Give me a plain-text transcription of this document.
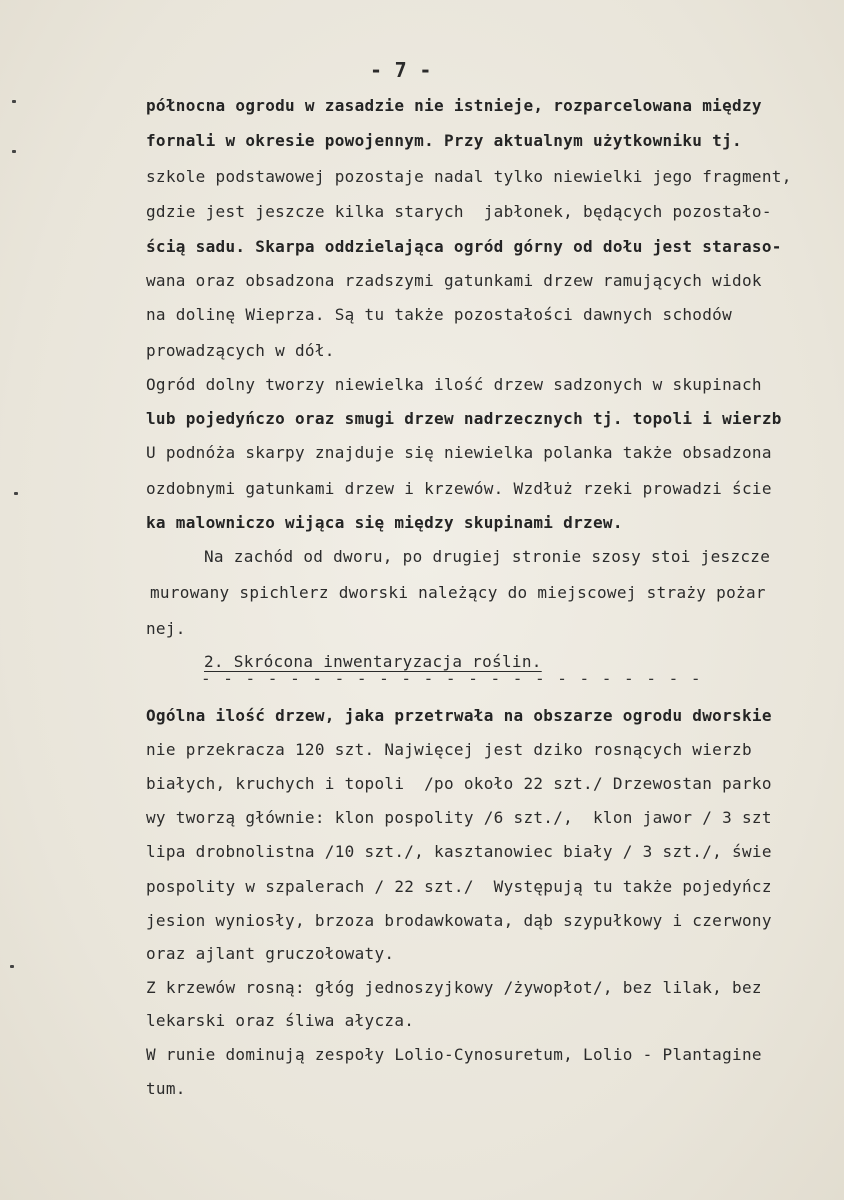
- 7 -
północna ogrodu w zasadzie nie istnieje, rozparcelowana między
fornali w okresie powojennym. Przy aktualnym użytkowniku tj.
szkole podstawowej pozostaje nadal tylko niewielki jego fragment,
gdzie jest jeszcze kilka starych  jabłonek, będących pozostało-
ścią sadu. Skarpa oddzielająca ogród górny od dołu jest staraso-
wana oraz obsadzona rzadszymi gatunkami drzew ramujących widok
na dolinę Wieprza. Są tu także pozostałości dawnych schodów
prowadzących w dół.
Ogród dolny tworzy niewielka ilość drzew sadzonych w skupinach
lub pojedyńczo oraz smugi drzew nadrzecznych tj. topoli i wierzb
U podnóża skarpy znajduje się niewielka polanka także obsadzona
ozdobnymi gatunkami drzew i krzewów. Wzdłuż rzeki prowadzi ście
ka malowniczo wijąca się między skupinami drzew.
Na zachód od dworu, po drugiej stronie szosy stoi jeszcze
murowany spichlerz dworski należący do miejscowej straży pożar
nej.
2. Skrócona inwentaryzacja roślin.
- - - - - - - - - - - - - - - - - - - - - - -
Ogólna ilość drzew, jaka przetrwała na obszarze ogrodu dworskie
nie przekracza 120 szt. Najwięcej jest dziko rosnących wierzb
białych, kruchych i topoli  /po około 22 szt./ Drzewostan parko
wy tworzą głównie: klon pospolity /6 szt./,  klon jawor / 3 szt
lipa drobnolistna /10 szt./, kasztanowiec biały / 3 szt./, świe
pospolity w szpalerach / 22 szt./  Występują tu także pojedyńcz
jesion wyniosły, brzoza brodawkowata, dąb szypułkowy i czerwony
oraz ajlant gruczołowaty.
Z krzewów rosną: głóg jednoszyjkowy /żywopłot/, bez lilak, bez
lekarski oraz śliwa ałycza.
W runie dominują zespoły Lolio-Cynosuretum, Lolio - Plantagine
tum.
